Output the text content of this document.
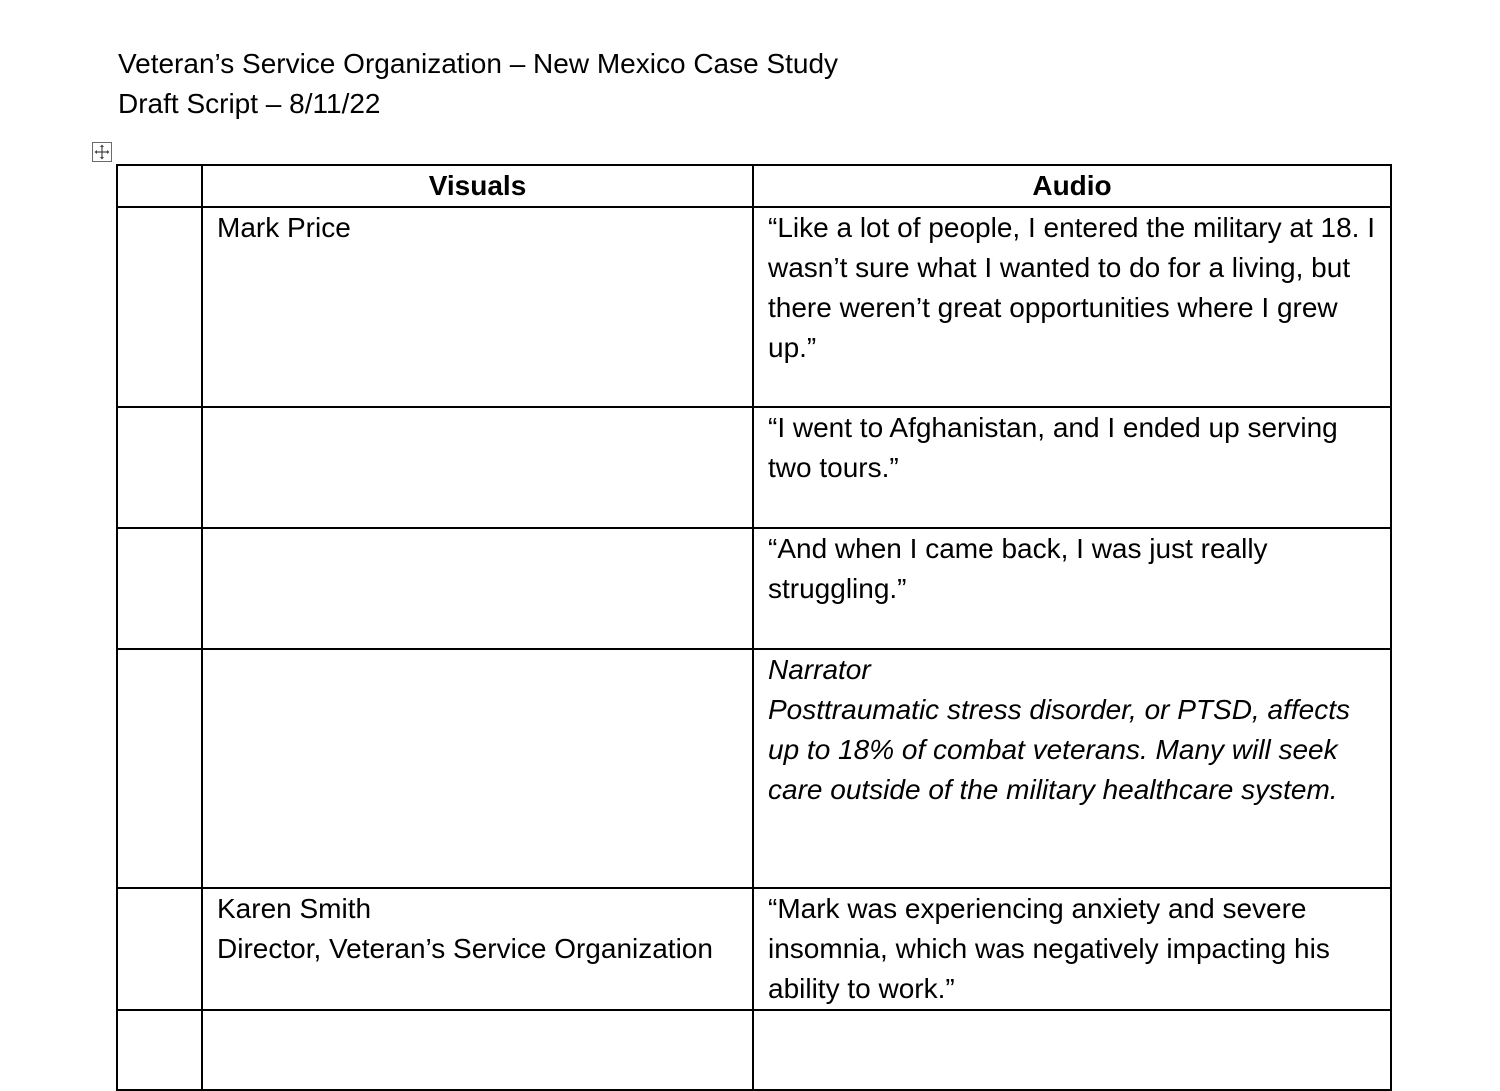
Veteran’s Service Organization – New Mexico Case Study
Draft Script – 8/11/22
	Visuals	Audio

	Mark Price	“Like a lot of people, I entered the military at 18. I wasn’t sure what I wanted to do for a living, but there weren’t great opportunities where I grew up.”
		“I went to Afghanistan, and I ended up serving two tours.”
		“And when I came back, I was just really struggling.”

		Narrator
Posttraumatic stress disorder, or PTSD, affects up to 18% of combat veterans. Many will seek care outside of the military healthcare system.

	Karen Smith
Director, Veteran’s Service Organization	“Mark was experiencing anxiety and severe insomnia, which was negatively impacting his ability to work.”
